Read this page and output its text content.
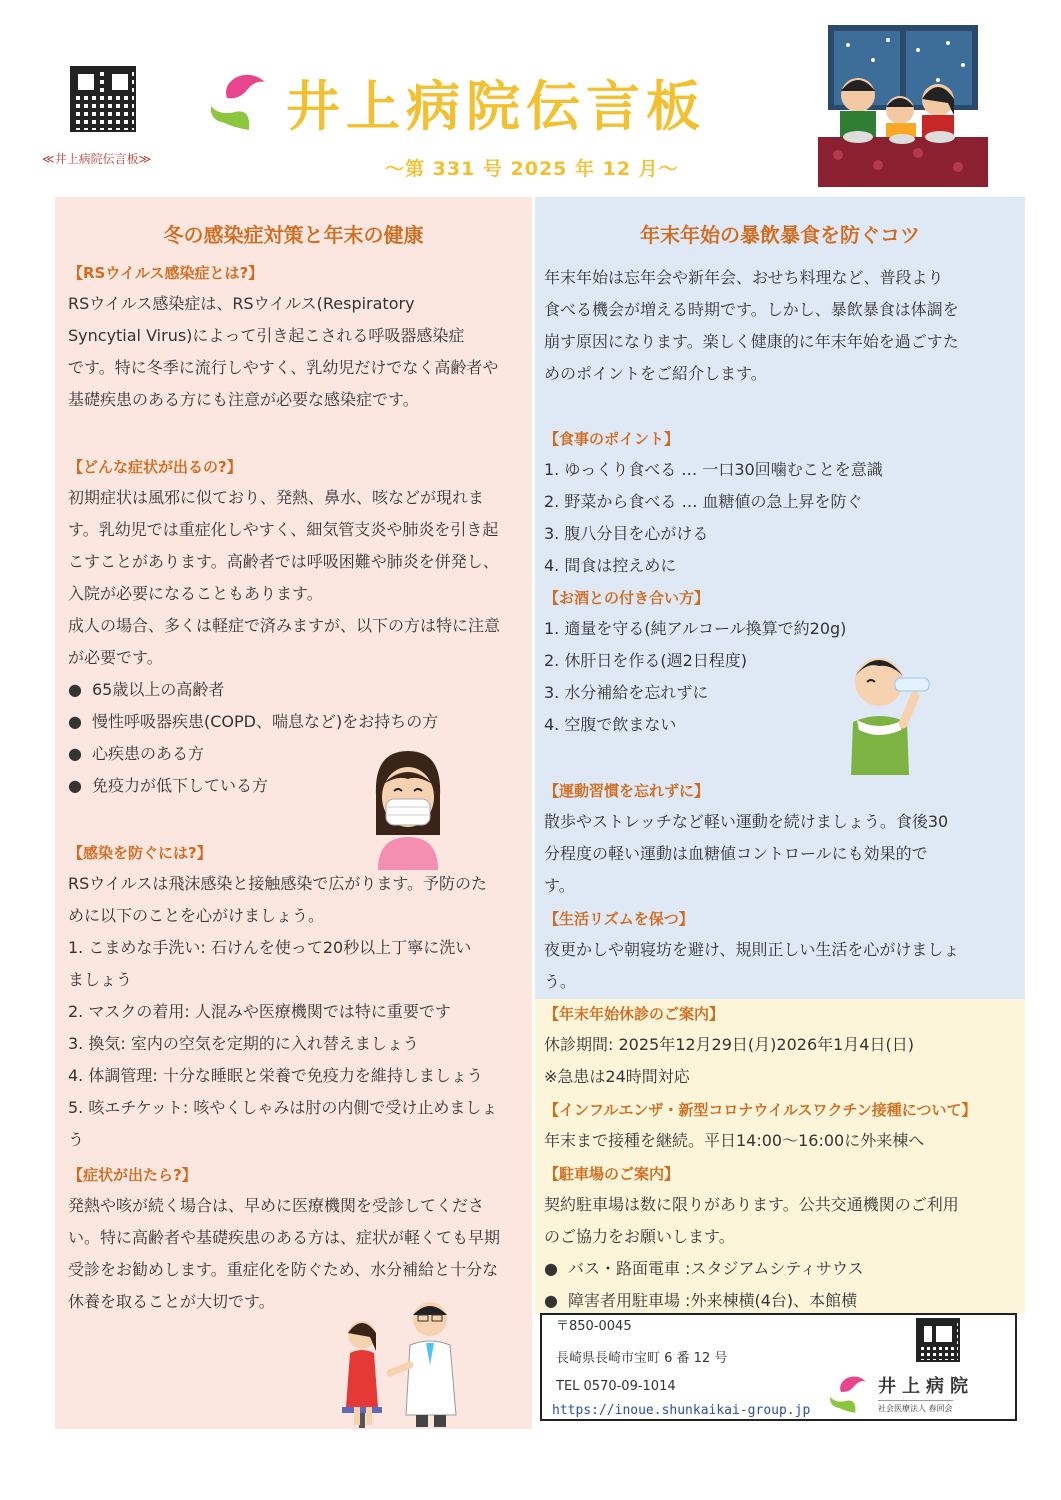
≪井上病院伝言板≫
井上病院伝言板
〜第 331 号 2025 年 12 月〜
冬の感染症対策と年末の健康
【RSウイルス感染症とは?】

RSウイルス感染症は、RSウイルス(Respiratory

Syncytial Virus)によって引き起こされる呼吸器感染症

です。特に冬季に流行しやすく、乳幼児だけでなく高齢者や

基礎疾患のある方にも注意が必要な感染症です。

【どんな症状が出るの?】

初期症状は風邪に似ており、発熱、鼻水、咳などが現れま

す。乳幼児では重症化しやすく、細気管支炎や肺炎を引き起

こすことがあります。高齢者では呼吸困難や肺炎を併発し、

入院が必要になることもあります。

成人の場合、多くは軽症で済みますが、以下の方は特に注意

が必要です。

● 65歳以上の高齢者

● 慢性呼吸器疾患(COPD、喘息など)をお持ちの方

● 心疾患のある方

● 免疫力が低下している方

【感染を防ぐには?】

RSウイルスは飛沫感染と接触感染で広がります。予防のた

めに以下のことを心がけましょう。

1. こまめな手洗い: 石けんを使って20秒以上丁寧に洗い

ましょう

2. マスクの着用: 人混みや医療機関では特に重要です

3. 換気: 室内の空気を定期的に入れ替えましょう

4. 体調管理: 十分な睡眠と栄養で免疫力を維持しましょう

5. 咳エチケット: 咳やくしゃみは肘の内側で受け止めましょ

う

【症状が出たら?】

発熱や咳が続く場合は、早めに医療機関を受診してくださ

い。特に高齢者や基礎疾患のある方は、症状が軽くても早期

受診をお勧めします。重症化を防ぐため、水分補給と十分な

休養を取ることが大切です。

年末年始の暴飲暴食を防ぐコツ

年末年始は忘年会や新年会、おせち料理など、普段より

食べる機会が増える時期です。しかし、暴飲暴食は体調を

崩す原因になります。楽しく健康的に年末年始を過ごすた

めのポイントをご紹介します。

【食事のポイント】

1. ゆっくり食べる … 一口30回噛むことを意識

2. 野菜から食べる … 血糖値の急上昇を防ぐ

3. 腹八分目を心がける

4. 間食は控えめに

【お酒との付き合い方】

1. 適量を守る(純アルコール換算で約20g)

2. 休肝日を作る(週2日程度)

3. 水分補給を忘れずに

4. 空腹で飲まない

【運動習慣を忘れずに】

散歩やストレッチなど軽い運動を続けましょう。食後30

分程度の軽い運動は血糖値コントロールにも効果的で

す。

【生活リズムを保つ】

夜更かしや朝寝坊を避け、規則正しい生活を心がけましょ

う。

【年末年始休診のご案内】

休診期間: 2025年12月29日(月)2026年1月4日(日)

※急患は24時間対応

【インフルエンザ・新型コロナウイルスワクチン接種について】

年末まで接種を継続。平日14:00〜16:00に外来棟へ

【駐車場のご案内】

契約駐車場は数に限りがあります。公共交通機関のご利用

のご協力をお願いします。

● バス・路面電車 :スタジアムシティサウス

● 障害者用駐車場 :外来棟横(4台)、本館横

〒850-0045
長崎県長崎市宝町 6 番 12 号
TEL 0570-09-1014
https://inoue.shunkaikai-group.jp
井上病院
社会医療法人 春回会
